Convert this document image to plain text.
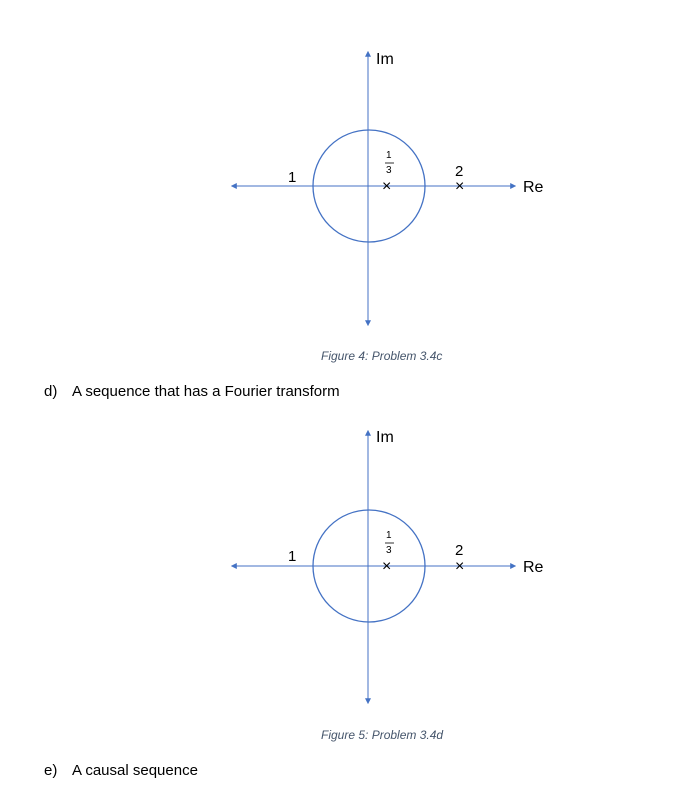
Im
Re
1
1
3
×
2
×
Figure 4: Problem 3.4c
d) A sequence that has a Fourier transform
Im
Re
1
1
3
×
2
×
Figure 5: Problem 3.4d
e) A causal sequence
